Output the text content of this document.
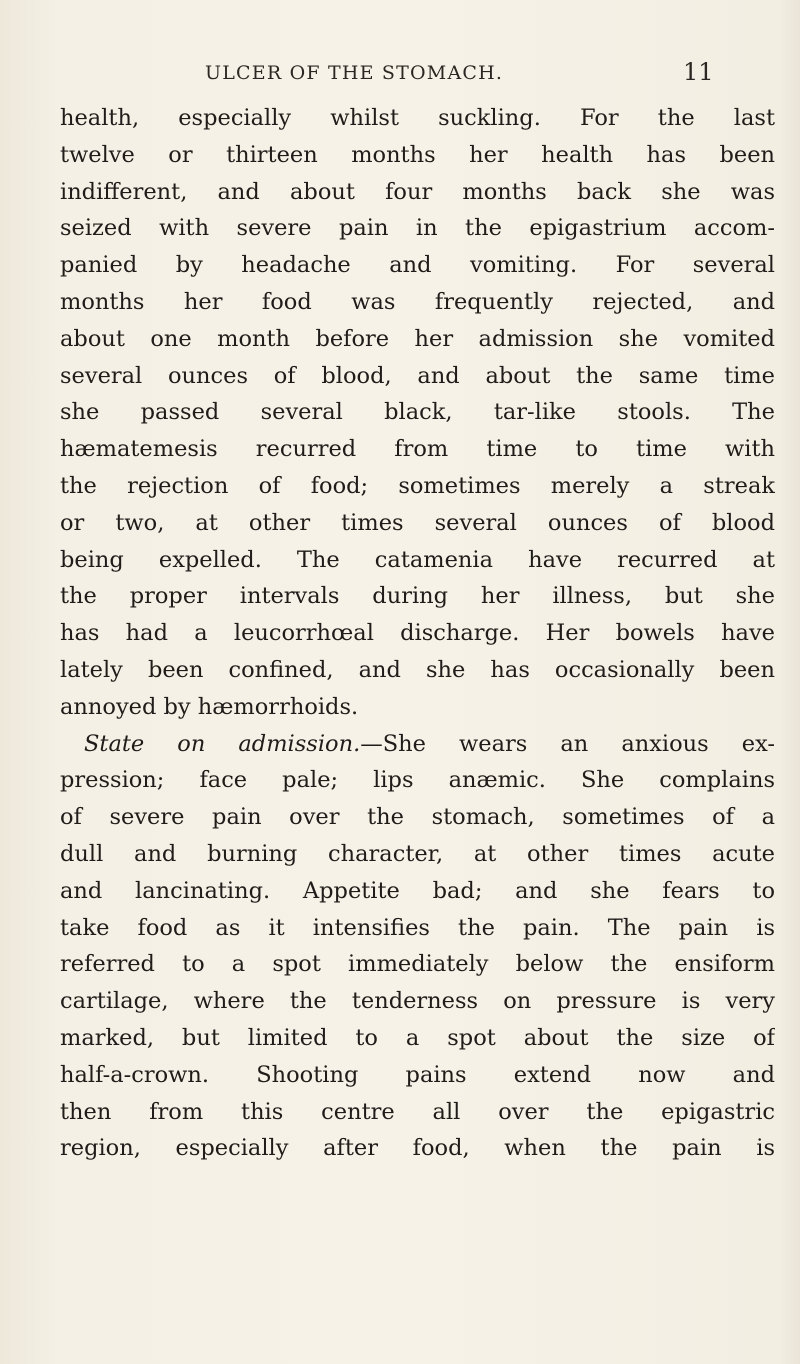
ULCER OF THE STOMACH.	11
health, especially whilst suckling. For the last
twelve or thirteen months her health has been
indifferent, and about four months back she was
seized with severe pain in the epigastrium accom-
panied by headache and vomiting. For several
months her food was frequently rejected, and
about one month before her admission she vomited
several ounces of blood, and about the same time
she passed several black, tar-like stools. The
hæmatemesis recurred from time to time with
the rejection of food; sometimes merely a streak
or two, at other times several ounces of blood
being expelled. The catamenia have recurred at
the proper intervals during her illness, but she
has had a leucorrhœal discharge. Her bowels have
lately been confined, and she has occasionally been
annoyed by hæmorrhoids.
State on admission.—She wears an anxious ex-
pression; face pale; lips anæmic. She complains
of severe pain over the stomach, sometimes of a
dull and burning character, at other times acute
and lancinating. Appetite bad; and she fears to
take food as it intensifies the pain. The pain is
referred to a spot immediately below the ensiform
cartilage, where the tenderness on pressure is very
marked, but limited to a spot about the size of
half-a-crown. Shooting pains extend now and
then from this centre all over the epigastric
region, especially after food, when the pain is
